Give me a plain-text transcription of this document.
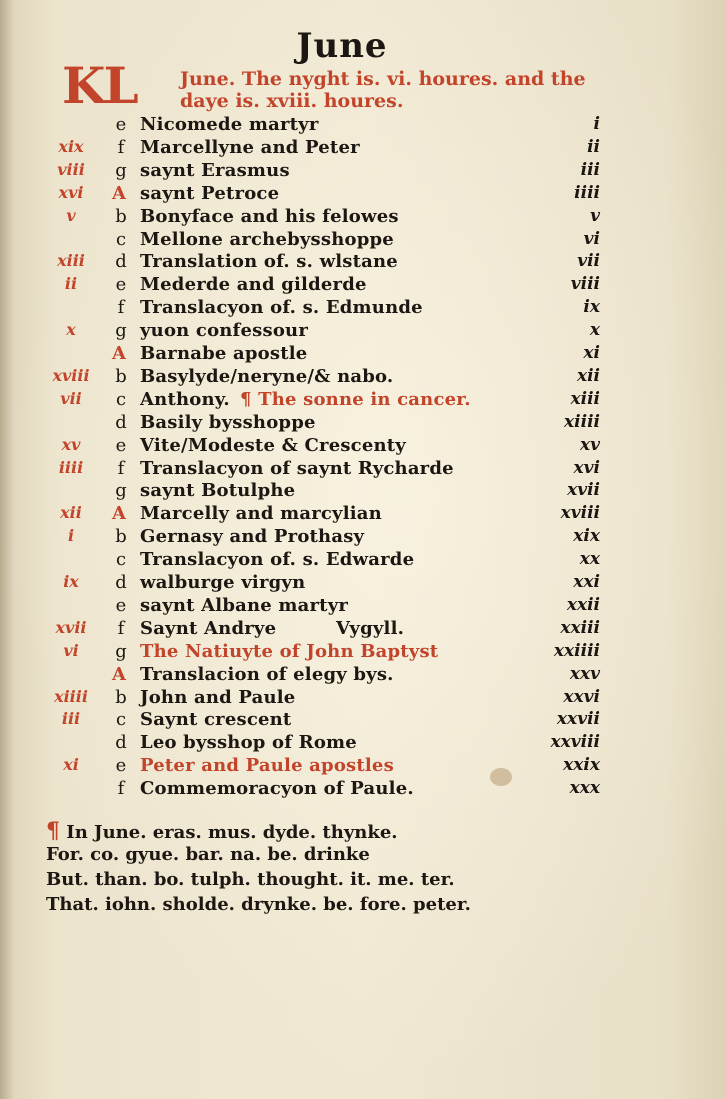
June
KL June. The nyght is. vi. houres. and the
daye is. xviii. houres.
e Nicomede martyr	i
xix	f Marcellyne and Peter	ii
viii	g saynt Erasmus	iii
xvi	A saynt Petroce	iiii
v	b Bonyface and his felowes	v
c Mellone archebysshoppe	vi
xiii	d Translation of. s. wlstane	vii
ii	e Mederde and gilderde	viii
f Translacyon of. s. Edmunde	ix
x	g yuon confessour	x
A Barnabe apostle	xi
xviii	b Basylyde/neryne/& nabo.	xii
vii	c Anthony. ¶ The sonne in cancer.	xiii
d Basily bysshoppe	xiiii
xv	e Vite/Modeste & Crescenty	xv
iiii	f Translacyon of saynt Rycharde	xvi
g saynt Botulphe	xvii
xii	A Marcelly and marcylian	xviii
i	b Gernasy and Prothasy	xix
c Translacyon of. s. Edwarde	xx
ix	d walburge virgyn	xxi
e saynt Albane martyr	xxii
xvii	f Saynt Andrye	Vygyll.	xxiii
vi	g The Natiuyte of John Baptyst	xxiiii
A Translacion of elegy bys.	xxv
xiiii	b John and Paule	xxvi
iii	c Saynt crescent	xxvii
d Leo bysshop of Rome	xxviii
xi	e Peter and Paule apostles	xxix
f Commemoracyon of Paule.	xxx
¶ In June. eras. mus. dyde. thynke.
For. co. gyue. bar. na. be. drinke
But. than. bo. tulph. thought. it. me. ter.
That. iohn. sholde. drynke. be. fore. peter.
